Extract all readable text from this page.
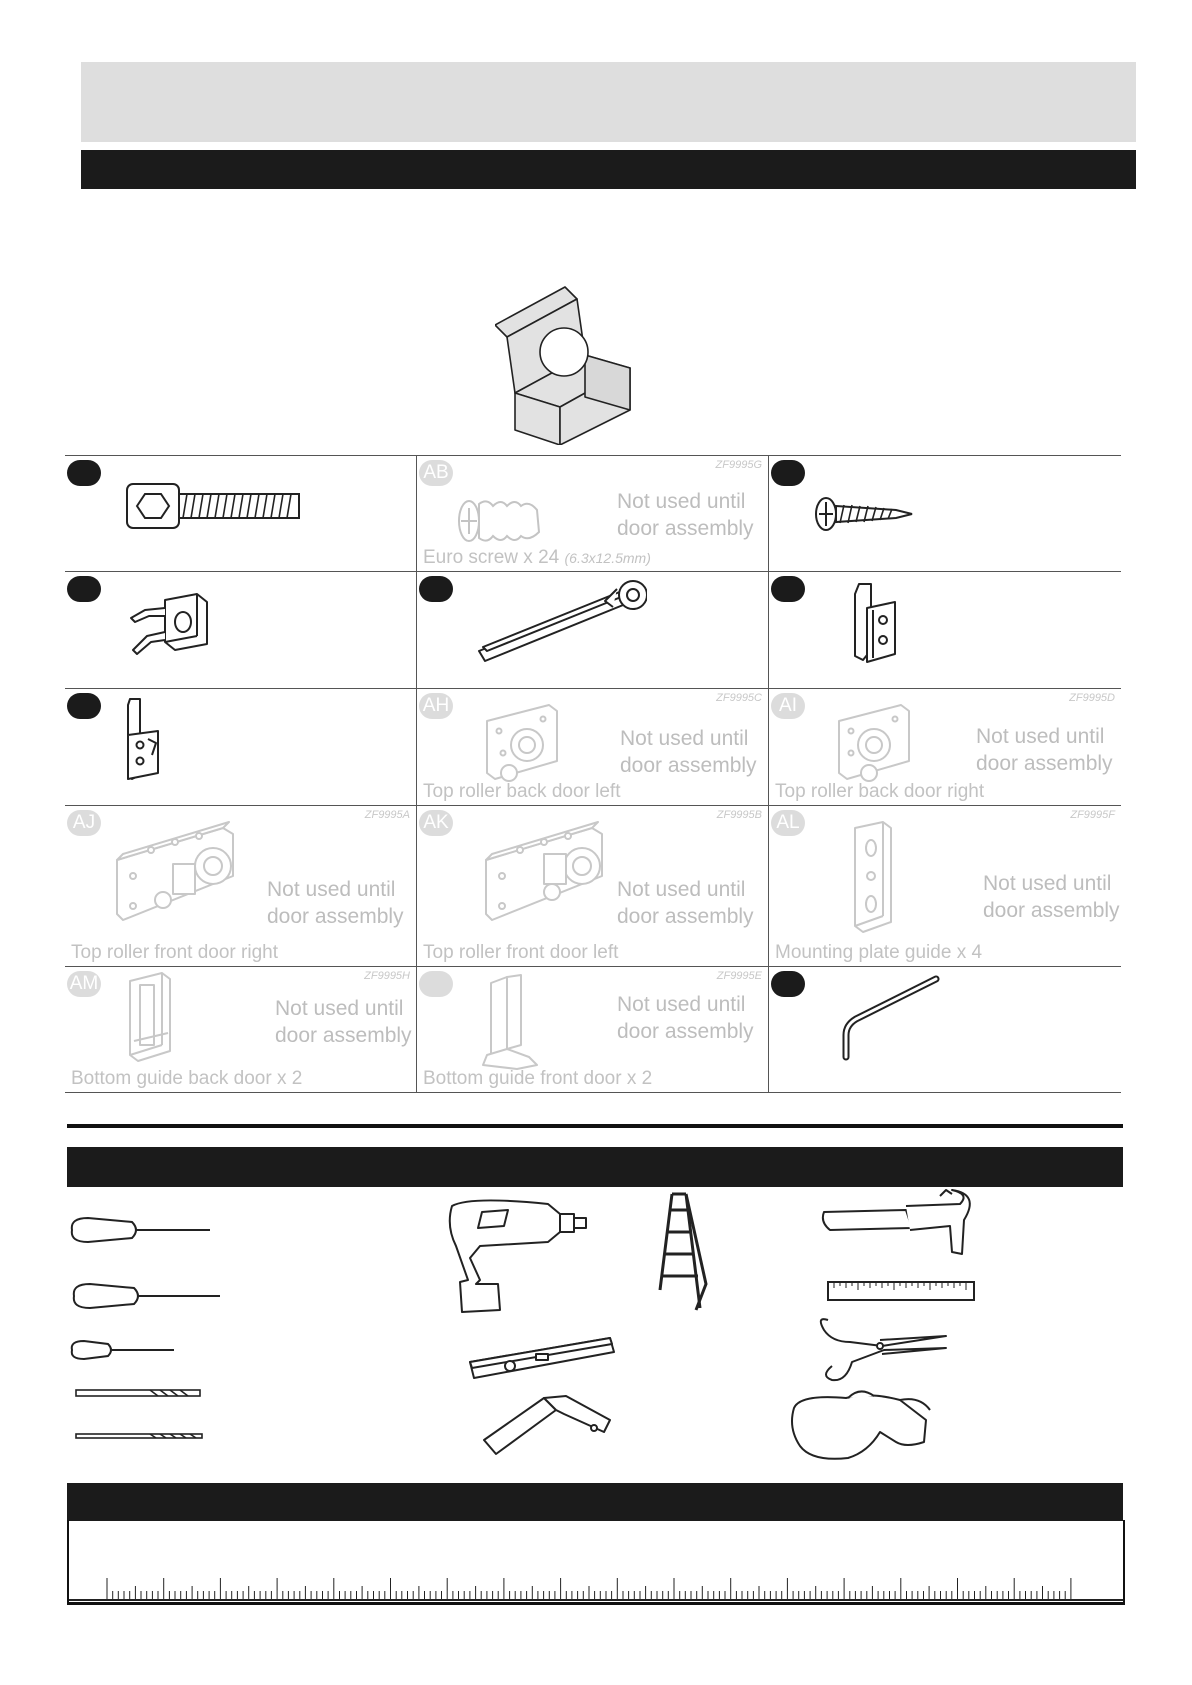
AB	ZF9995G
Not used until door assembly
Euro screw x 24 (6.3x12.5mm)
AH	ZF9995C
Not used until door assembly
Top roller back door left
AI	ZF9995D
Not used until door assembly
Top roller back door right
AJ	ZF9995A
Not used until door assembly
Top roller front door right
AK	ZF9995B
Not used until door assembly
Top roller front door left
AL	ZF9995F
Not used until door assembly
Mounting plate guide x 4
AM	ZF9995H
Not used until door assembly
Bottom guide back door x 2
ZF9995E
Not used until door assembly
Bottom guide front door x 2
